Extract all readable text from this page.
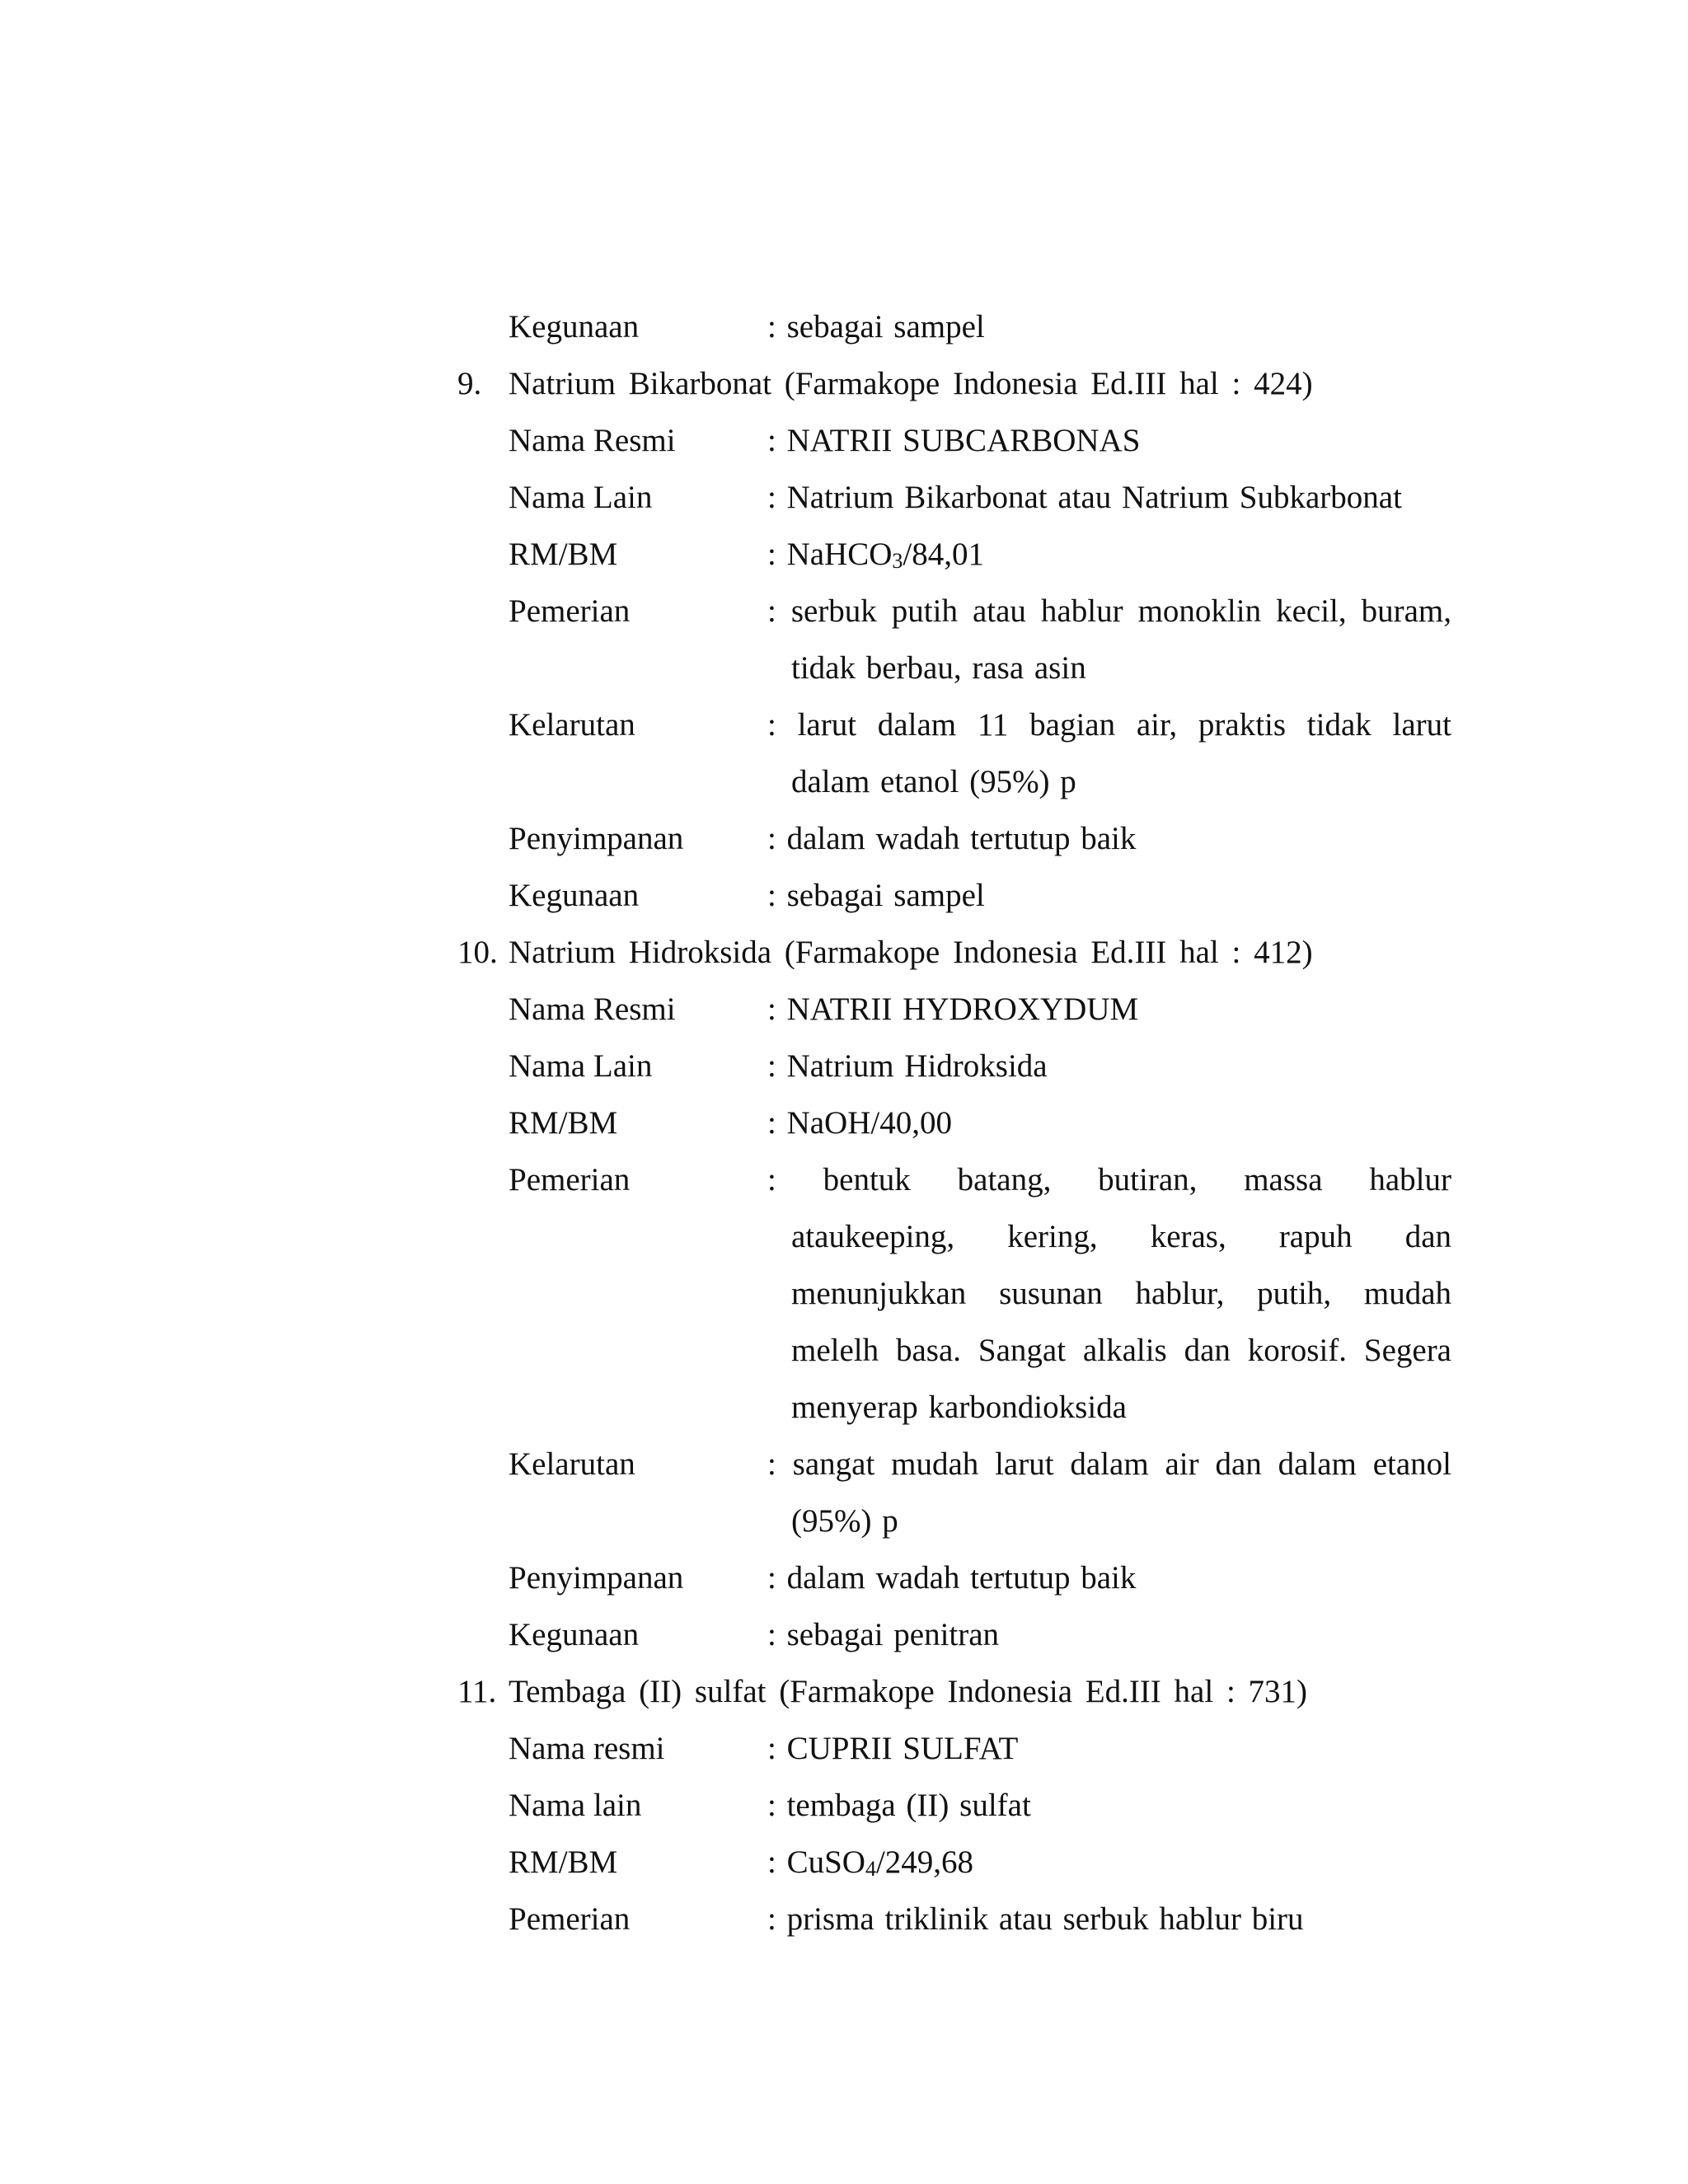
Kegunaan	: sebagai sampel
9. Natrium Bikarbonat (Farmakope Indonesia Ed.III hal : 424)
Nama Resmi	: NATRII SUBCARBONAS
Nama Lain	: Natrium Bikarbonat atau Natrium Subkarbonat
RM/BM	: NaHCO$_3$/84,01
Pemerian	: serbuk putih atau hablur monoklin kecil, buram,
tidak berbau, rasa asin
Kelarutan	: larut dalam 11 bagian air, praktis tidak larut
dalam etanol (95%) p
Penyimpanan	: dalam wadah tertutup baik
Kegunaan	: sebagai sampel
10. Natrium Hidroksida (Farmakope Indonesia Ed.III hal : 412)
Nama Resmi	: NATRII HYDROXYDUM
Nama Lain	: Natrium Hidroksida
RM/BM	: NaOH/40,00
Pemerian	: bentuk batang, butiran, massa hablur
ataukeeping, kering, keras, rapuh dan
menunjukkan susunan hablur, putih, mudah
melelh basa. Sangat alkalis dan korosif. Segera
menyerap karbondioksida
Kelarutan	: sangat mudah larut dalam air dan dalam etanol
(95%) p
Penyimpanan	: dalam wadah tertutup baik
Kegunaan	: sebagai penitran
11. Tembaga (II) sulfat (Farmakope Indonesia Ed.III hal : 731)
Nama resmi	: CUPRII SULFAT
Nama lain	: tembaga (II) sulfat
RM/BM	: CuSO$_4$/249,68
Pemerian	: prisma triklinik atau serbuk hablur biru
